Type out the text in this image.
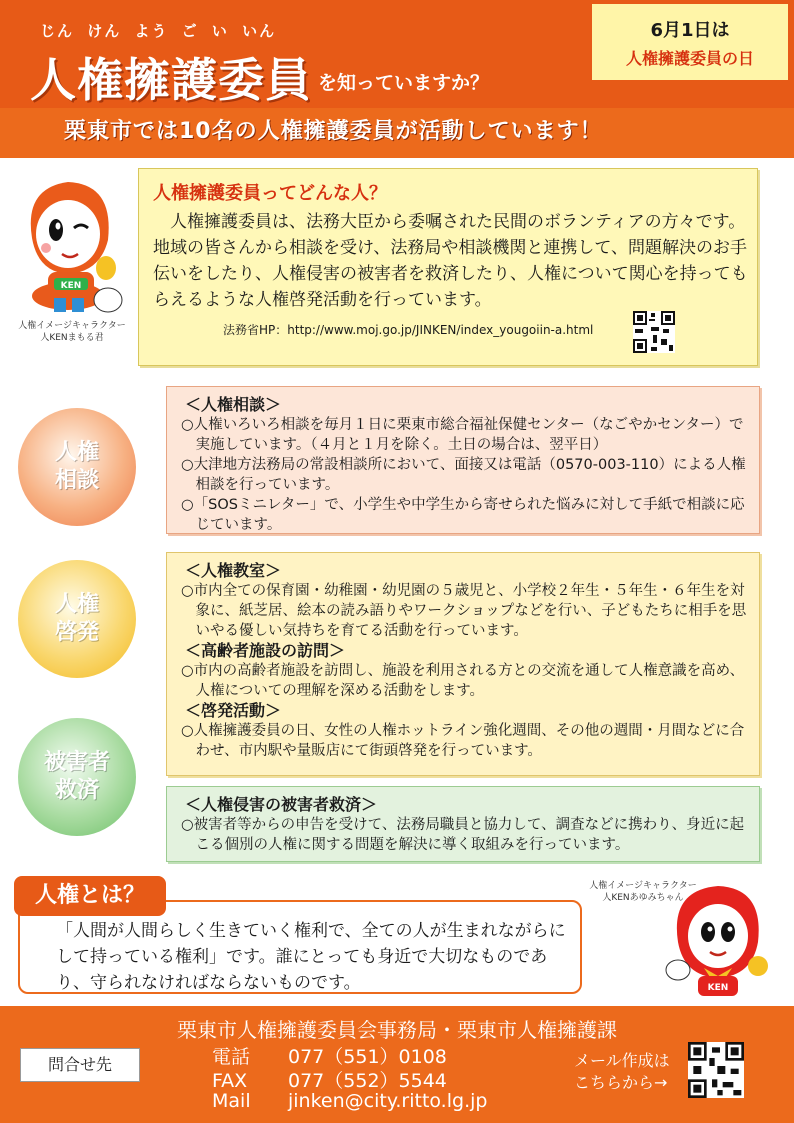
じん けん よう ご い いん
人権擁護委員 を知っていますか？
栗東市では10名の人権擁護委員が活動しています！
6月1日は
人権擁護委員の日
KEN
人権イメージキャラクター
人KENまもる君
人権擁護委員ってどんな人？
人権擁護委員は、法務大臣から委嘱された民間のボランティアの方々です。地域の皆さんから相談を受け、法務局や相談機関と連携して、問題解決のお手伝いをしたり、人権侵害の被害者を救済したり、人権について関心を持ってもらえるような人権啓発活動を行っています。
法務省HP：http://www.moj.go.jp/JINKEN/index_yougoiin-a.html
人権
相談
人権
啓発
被害者
救済
＜人権相談＞

○人権いろいろ相談を毎月１日に栗東市総合福祉保健センター（なごやかセンター）で実施しています。（４月と１月を除く。土日の場合は、翌平日）

○大津地方法務局の常設相談所において、面接又は電話（0570-003-110）による人権相談を行っています。

○「SOSミニレター」で、小学生や中学生から寄せられた悩みに対して手紙で相談に応じています。

＜人権教室＞

○市内全ての保育園・幼稚園・幼児園の５歳児と、小学校２年生・５年生・６年生を対象に、紙芝居、絵本の読み語りやワークショップなどを行い、子どもたちに相手を思いやる優しい気持ちを育てる活動を行っています。

＜高齢者施設の訪問＞

○市内の高齢者施設を訪問し、施設を利用される方との交流を通して人権意識を高め、人権についての理解を深める活動をします。

＜啓発活動＞

○人権擁護委員の日、女性の人権ホットライン強化週間、その他の週間・月間などに合わせ、市内駅や量販店にて街頭啓発を行っています。

＜人権侵害の被害者救済＞

○被害者等からの申告を受けて、法務局職員と協力して、調査などに携わり、身近に起こる個別の人権に関する問題を解決に導く取組みを行っています。

人権とは？
「人間が人間らしく生きていく権利で、全ての人が生まれながらにして持っている権利」です。誰にとっても身近で大切なものであり、守られなければならないものです。
人権イメージキャラクター
人KENあゆみちゃん
KEN
栗東市人権擁護委員会事務局・栗東市人権擁護課
問合せ先	電話 077（551）0108
FAX 077（552）5544
Mail jinken@city.ritto.lg.jp
メール作成は
こちらから→
